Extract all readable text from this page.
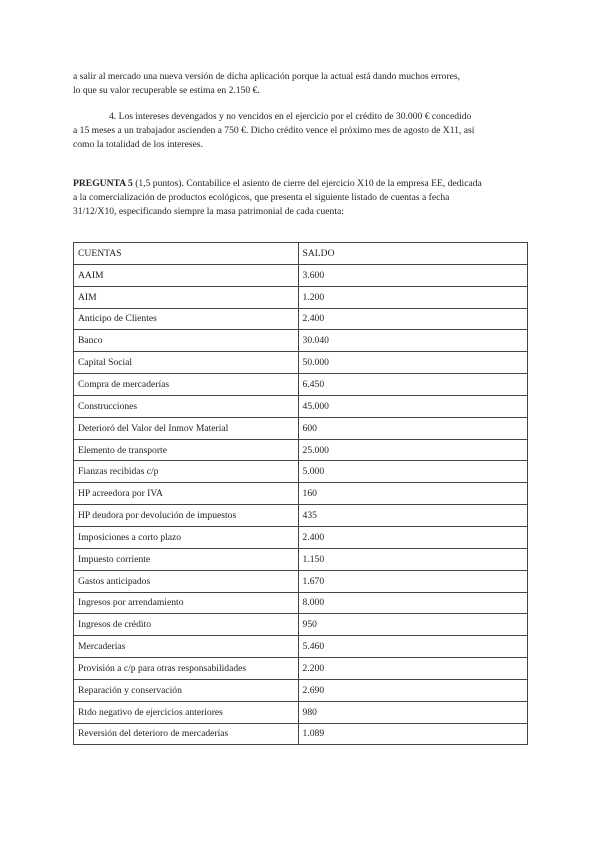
a salir al mercado una nueva versión de dicha aplicación porque la actual está dando muchos errores,

lo que su valor recuperable se estima en 2.150 €.

4. Los intereses devengados y no vencidos en el ejercicio por el crédito de 30.000 € concedido

a 15 meses a un trabajador ascienden a 750 €. Dicho crédito vence el próximo mes de agosto de X11, así

como la totalidad de los intereses.

PREGUNTA 5 (1,5 puntos). Contabilice el asiento de cierre del ejercicio X10 de la empresa EE, dedicada

a la comercialización de productos ecológicos, que presenta el siguiente listado de cuentas a fecha

31/12/X10, especificando siempre la masa patrimonial de cada cuenta:

CUENTAS	SALDO
AAIM	3.600
AIM	1.200
Anticipo de Clientes	2.400
Banco	30.040
Capital Social	50.000
Compra de mercaderías	6.450
Construcciones	45.000
Deterioró del Valor del Inmov Material	600
Elemento de transporte	25.000
Fianzas recibidas c/p	5.000
HP acreedora por IVA	160
HP deudora por devolución de impuestos	435
Imposiciones a corto plazo	2.400
Impuesto corriente	1.150
Gastos anticipados	1.670
Ingresos por arrendamiento	8.000
Ingresos de crédito	950
Mercaderías	5.460
Provisión a c/p para otras responsabilidades	2.200
Reparación y conservación	2.690
Rtdo negativo de ejercicios anteriores	980
Reversión del deterioro de mercaderías	1.089
